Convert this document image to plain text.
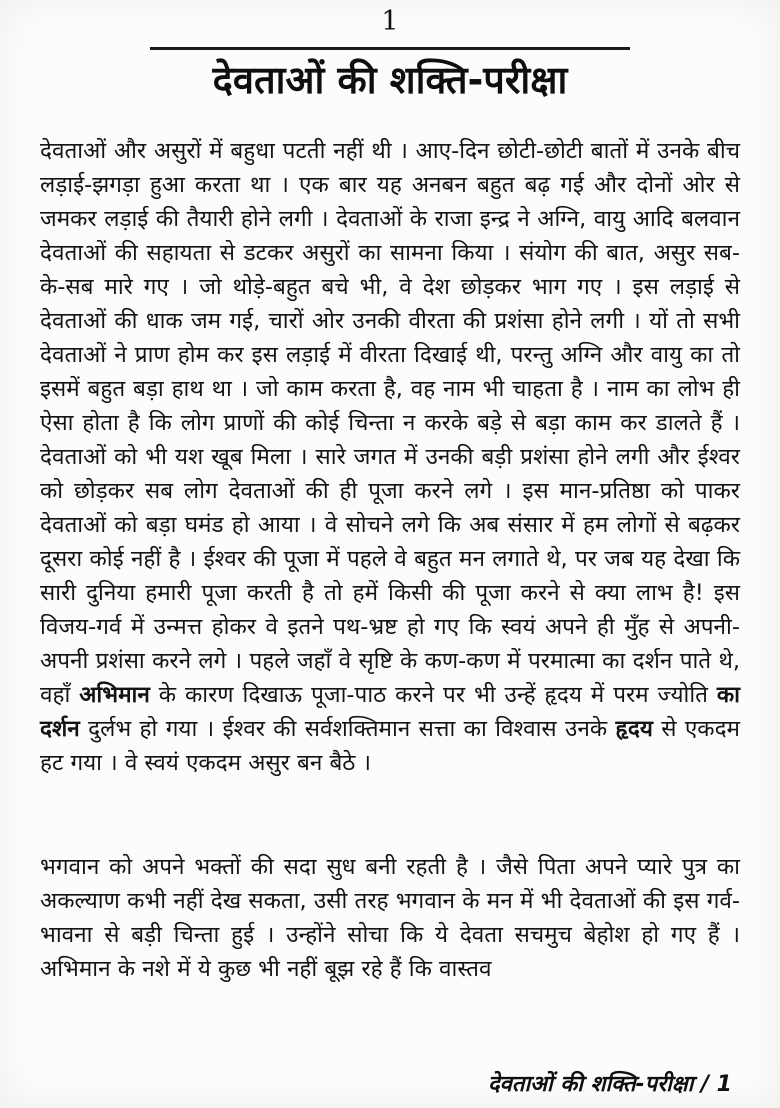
1
देवताओं की शक्ति-परीक्षा

देवताओं और असुरों में बहुधा पटती नहीं थी । आए-दिन छोटी-छोटी बातों में उनके बीच लड़ाई-झगड़ा हुआ करता था । एक बार यह अनबन बहुत बढ़ गई और दोनों ओर से जमकर लड़ाई की तैयारी होने लगी । देवताओं के राजा इन्द्र ने अग्नि, वायु आदि बलवान देवताओं की सहायता से डटकर असुरों का सामना किया । संयोग की बात, असुर सब-के-सब मारे गए । जो थोड़े-बहुत बचे भी, वे देश छोड़कर भाग गए । इस लड़ाई से देवताओं की धाक जम गई, चारों ओर उनकी वीरता की प्रशंसा होने लगी । यों तो सभी देवताओं ने प्राण होम कर इस लड़ाई में वीरता दिखाई थी, परन्तु अग्नि और वायु का तो इसमें बहुत बड़ा हाथ था । जो काम करता है, वह नाम भी चाहता है । नाम का लोभ ही ऐसा होता है कि लोग प्राणों की कोई चिन्ता न करके बड़े से बड़ा काम कर डालते हैं । देवताओं को भी यश खूब मिला । सारे जगत में उनकी बड़ी प्रशंसा होने लगी और ईश्वर को छोड़कर सब लोग देवताओं की ही पूजा करने लगे । इस मान-प्रतिष्ठा को पाकर देवताओं को बड़ा घमंड हो आया । वे सोचने लगे कि अब संसार में हम लोगों से बढ़कर दूसरा कोई नहीं है । ईश्वर की पूजा में पहले वे बहुत मन लगाते थे, पर जब यह देखा कि सारी दुनिया हमारी पूजा करती है तो हमें किसी की पूजा करने से क्या लाभ है! इस विजय-गर्व में उन्मत्त होकर वे इतने पथ-भ्रष्ट हो गए कि स्वयं अपने ही मुँह से अपनी-अपनी प्रशंसा करने लगे । पहले जहाँ वे सृष्टि के कण-कण में परमात्मा का दर्शन पाते थे, वहाँ अभिमान के कारण दिखाऊ पूजा-पाठ करने पर भी उन्हें हृदय में परम ज्योति का दर्शन दुर्लभ हो गया । ईश्वर की सर्वशक्तिमान सत्ता का विश्वास उनके हृदय से एकदम हट गया । वे स्वयं एकदम असुर बन बैठे ।

भगवान को अपने भक्तों की सदा सुध बनी रहती है । जैसे पिता अपने प्यारे पुत्र का अकल्याण कभी नहीं देख सकता, उसी तरह भगवान के मन में भी देवताओं की इस गर्व-भावना से बड़ी चिन्ता हुई । उन्होंने सोचा कि ये देवता सचमुच बेहोश हो गए हैं । अभिमान के नशे में ये कुछ भी नहीं बूझ रहे हैं कि वास्तव

देवताओं की शक्ति-परीक्षा / 1
